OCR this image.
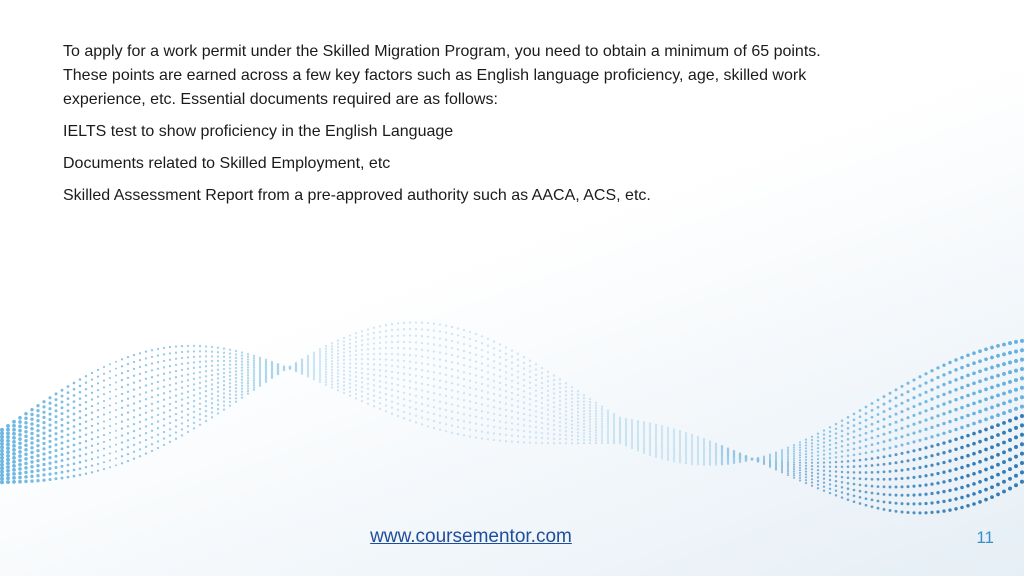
To apply for a work permit under the Skilled Migration Program, you need to obtain a minimum of 65 points. These points are earned across a few key factors such as English language proficiency, age, skilled work experience, etc. Essential documents required are as follows:

IELTS test to show proficiency in the English Language

Documents related to Skilled Employment, etc

Skilled Assessment Report from a pre-approved authority such as AACA, ACS, etc.

www.coursementor.com	11
